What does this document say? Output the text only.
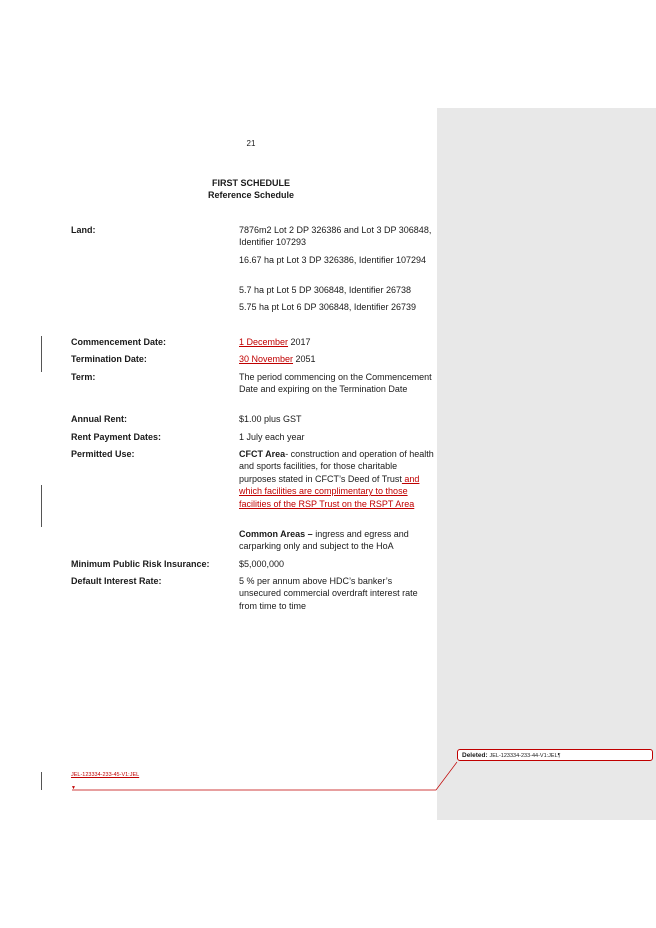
21
FIRST SCHEDULE
Reference Schedule
Land:	7876m2 Lot 2 DP 326386 and Lot 3 DP 306848, Identifier 107293
16.67 ha pt Lot 3 DP 326386, Identifier 107294
5.7 ha pt Lot 5 DP 306848, Identifier 26738
5.75 ha pt Lot 6 DP 306848, Identifier 26739
Commencement Date:	1 December 2017
Termination Date:	30 November 2051
Term:	The period commencing on the Commencement Date and expiring on the Termination Date
Annual Rent:	$1.00 plus GST
Rent Payment Dates:	1 July each year
Permitted Use:	CFCT Area- construction and operation of health and sports facilities, for those charitable purposes stated in CFCT’s Deed of Trust and which facilities are complimentary to those facilities of the RSP Trust on the RSPT Area
Common Areas – ingress and egress and carparking only and subject to the HoA
Minimum Public Risk Insurance:	$5,000,000
Default Interest Rate:	5 % per annum above HDC’s banker’s unsecured commercial overdraft interest rate from time to time
JEL-123334-233-45-V1:JEL
▼
Deleted: JEL-123334-233-44-V1:JEL¶
